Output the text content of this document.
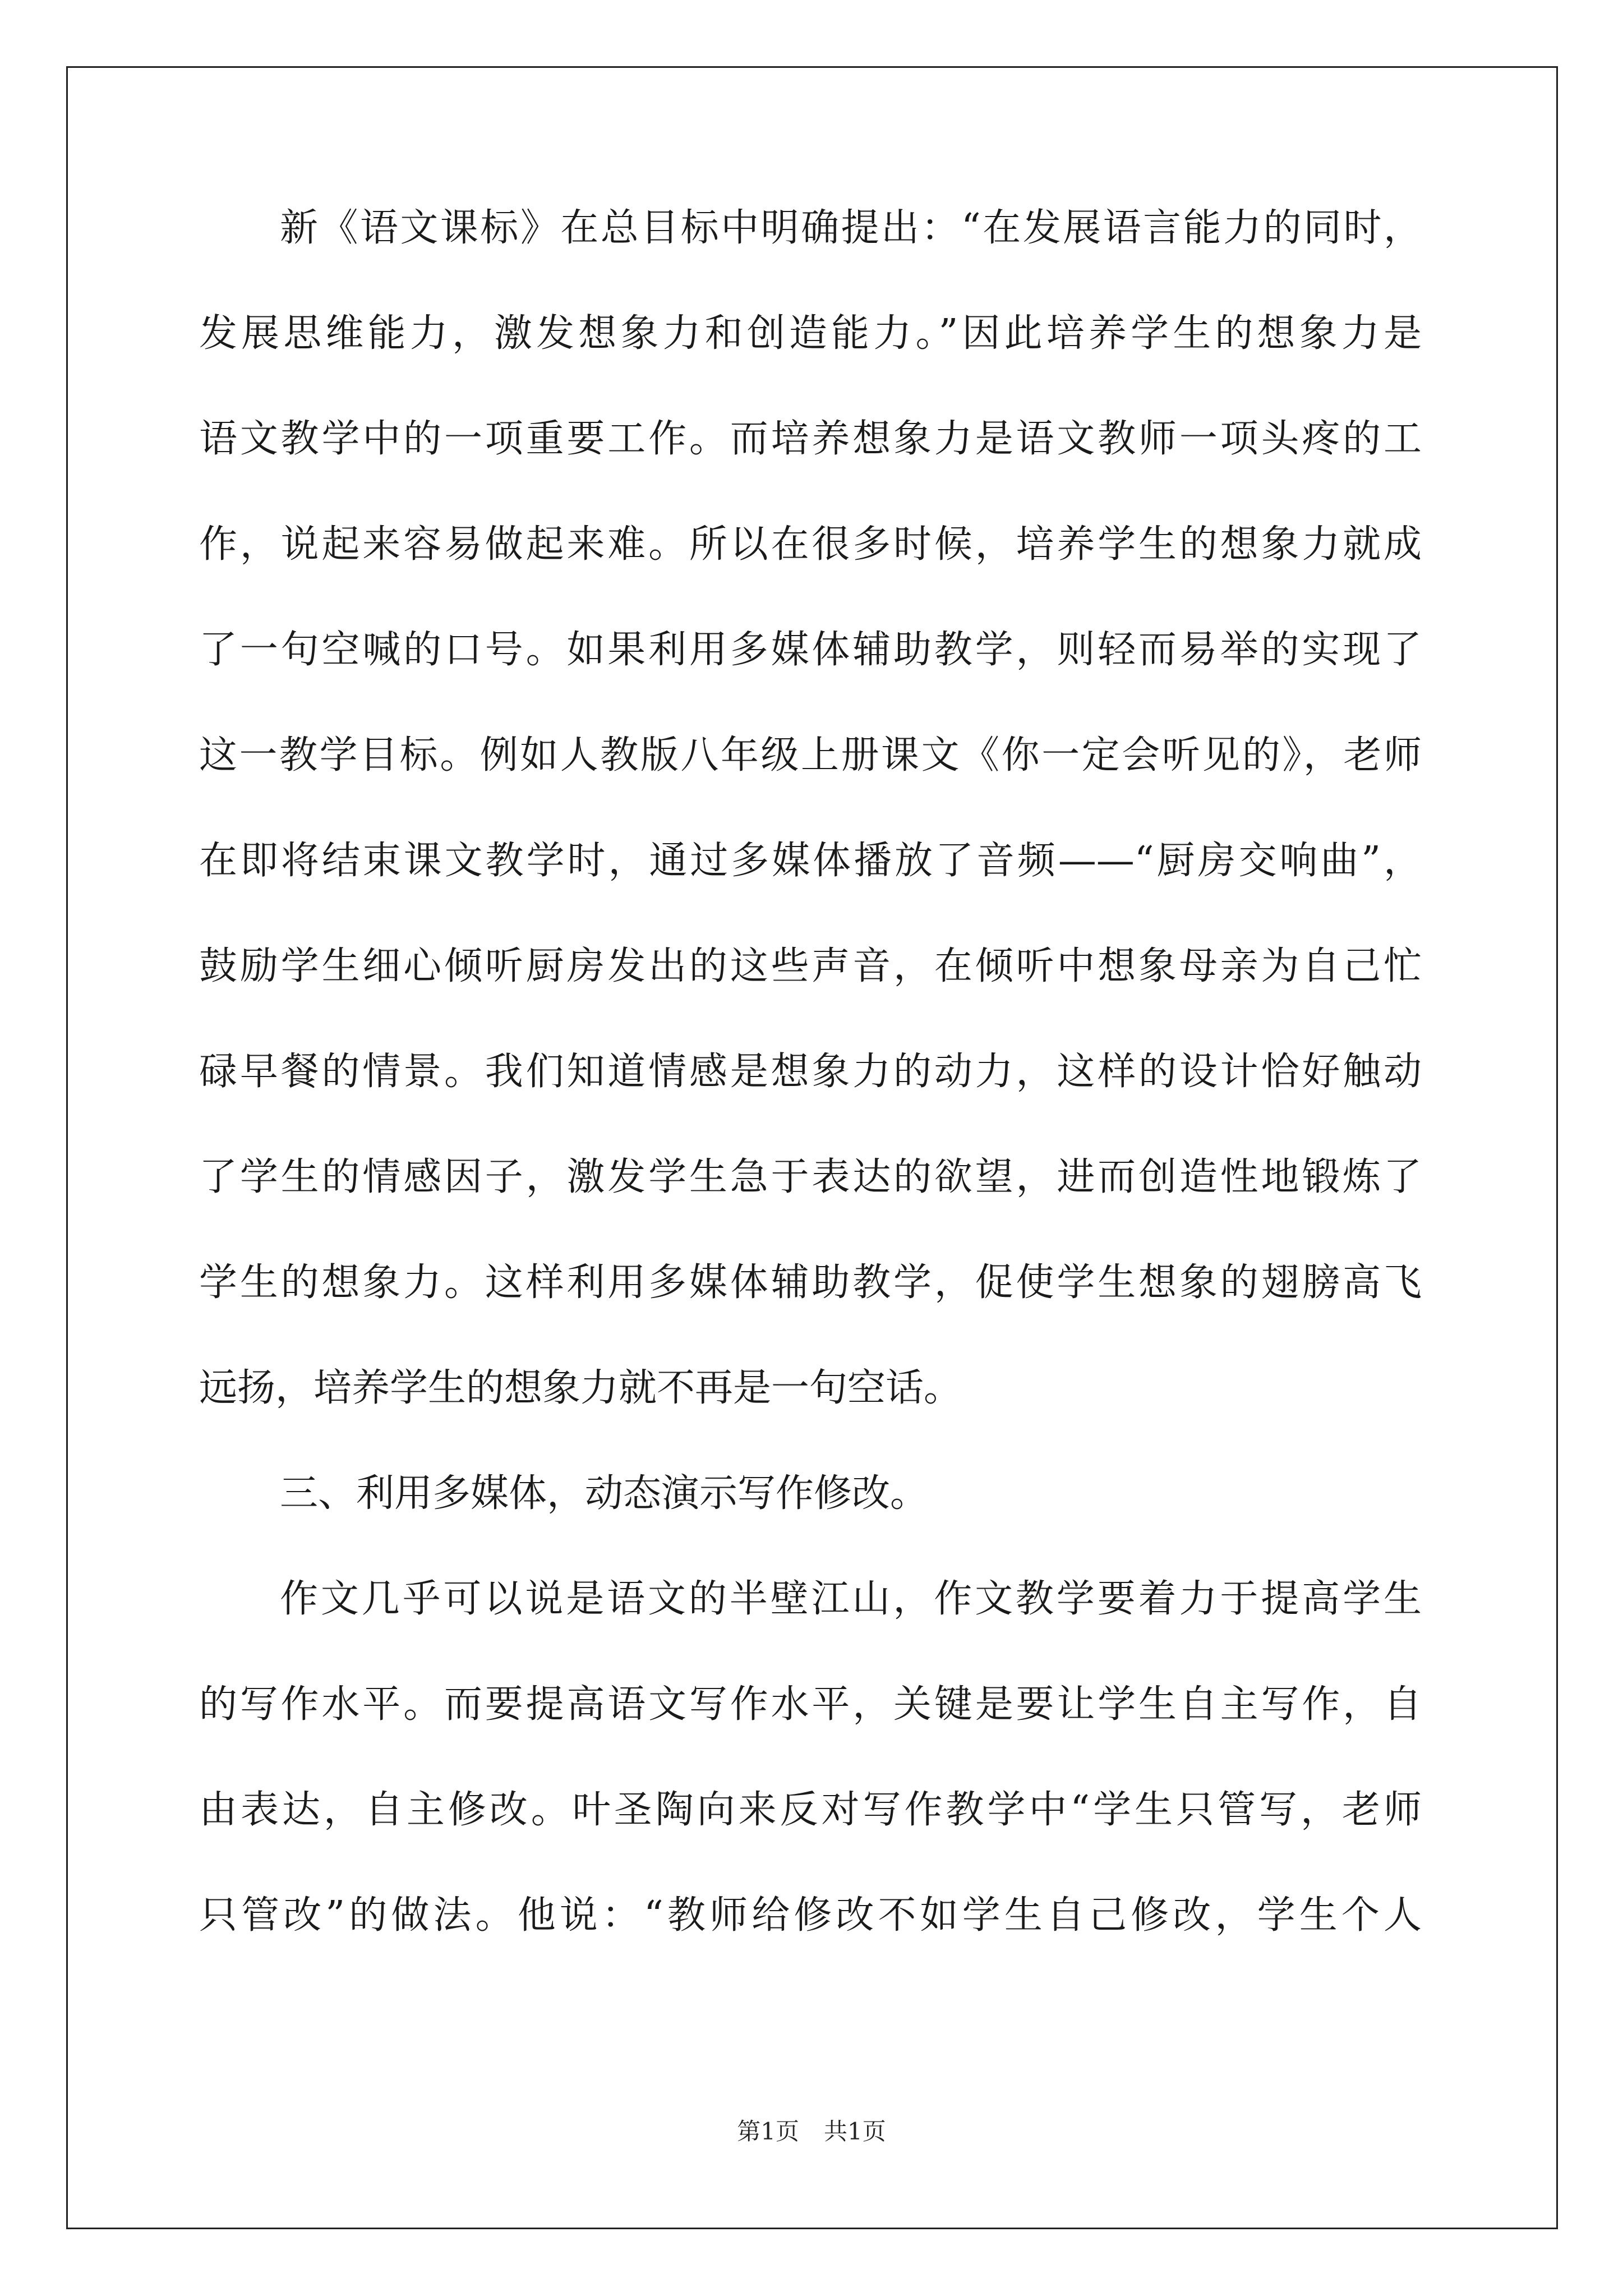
新《语文课标》在总目标中明确提出：“在发展语言能力的同时，
发展思维能力，激发想象力和创造能力。”因此培养学生的想象力是
语文教学中的一项重要工作。而培养想象力是语文教师一项头疼的工
作，说起来容易做起来难。所以在很多时候，培养学生的想象力就成
了一句空喊的口号。如果利用多媒体辅助教学，则轻而易举的实现了
这一教学目标。例如人教版八年级上册课文《你一定会听见的》，老师
在即将结束课文教学时，通过多媒体播放了音频——“厨房交响曲”，
鼓励学生细心倾听厨房发出的这些声音，在倾听中想象母亲为自己忙
碌早餐的情景。我们知道情感是想象力的动力，这样的设计恰好触动
了学生的情感因子，激发学生急于表达的欲望，进而创造性地锻炼了
学生的想象力。这样利用多媒体辅助教学，促使学生想象的翅膀高飞
远扬，培养学生的想象力就不再是一句空话。
三、利用多媒体，动态演示写作修改。
作文几乎可以说是语文的半壁江山，作文教学要着力于提高学生
的写作水平。而要提高语文写作水平，关键是要让学生自主写作，自
由表达，自主修改。叶圣陶向来反对写作教学中“学生只管写，老师
只管改”的做法。他说：“教师给修改不如学生自己修改，学生个人
第1页 共1页
